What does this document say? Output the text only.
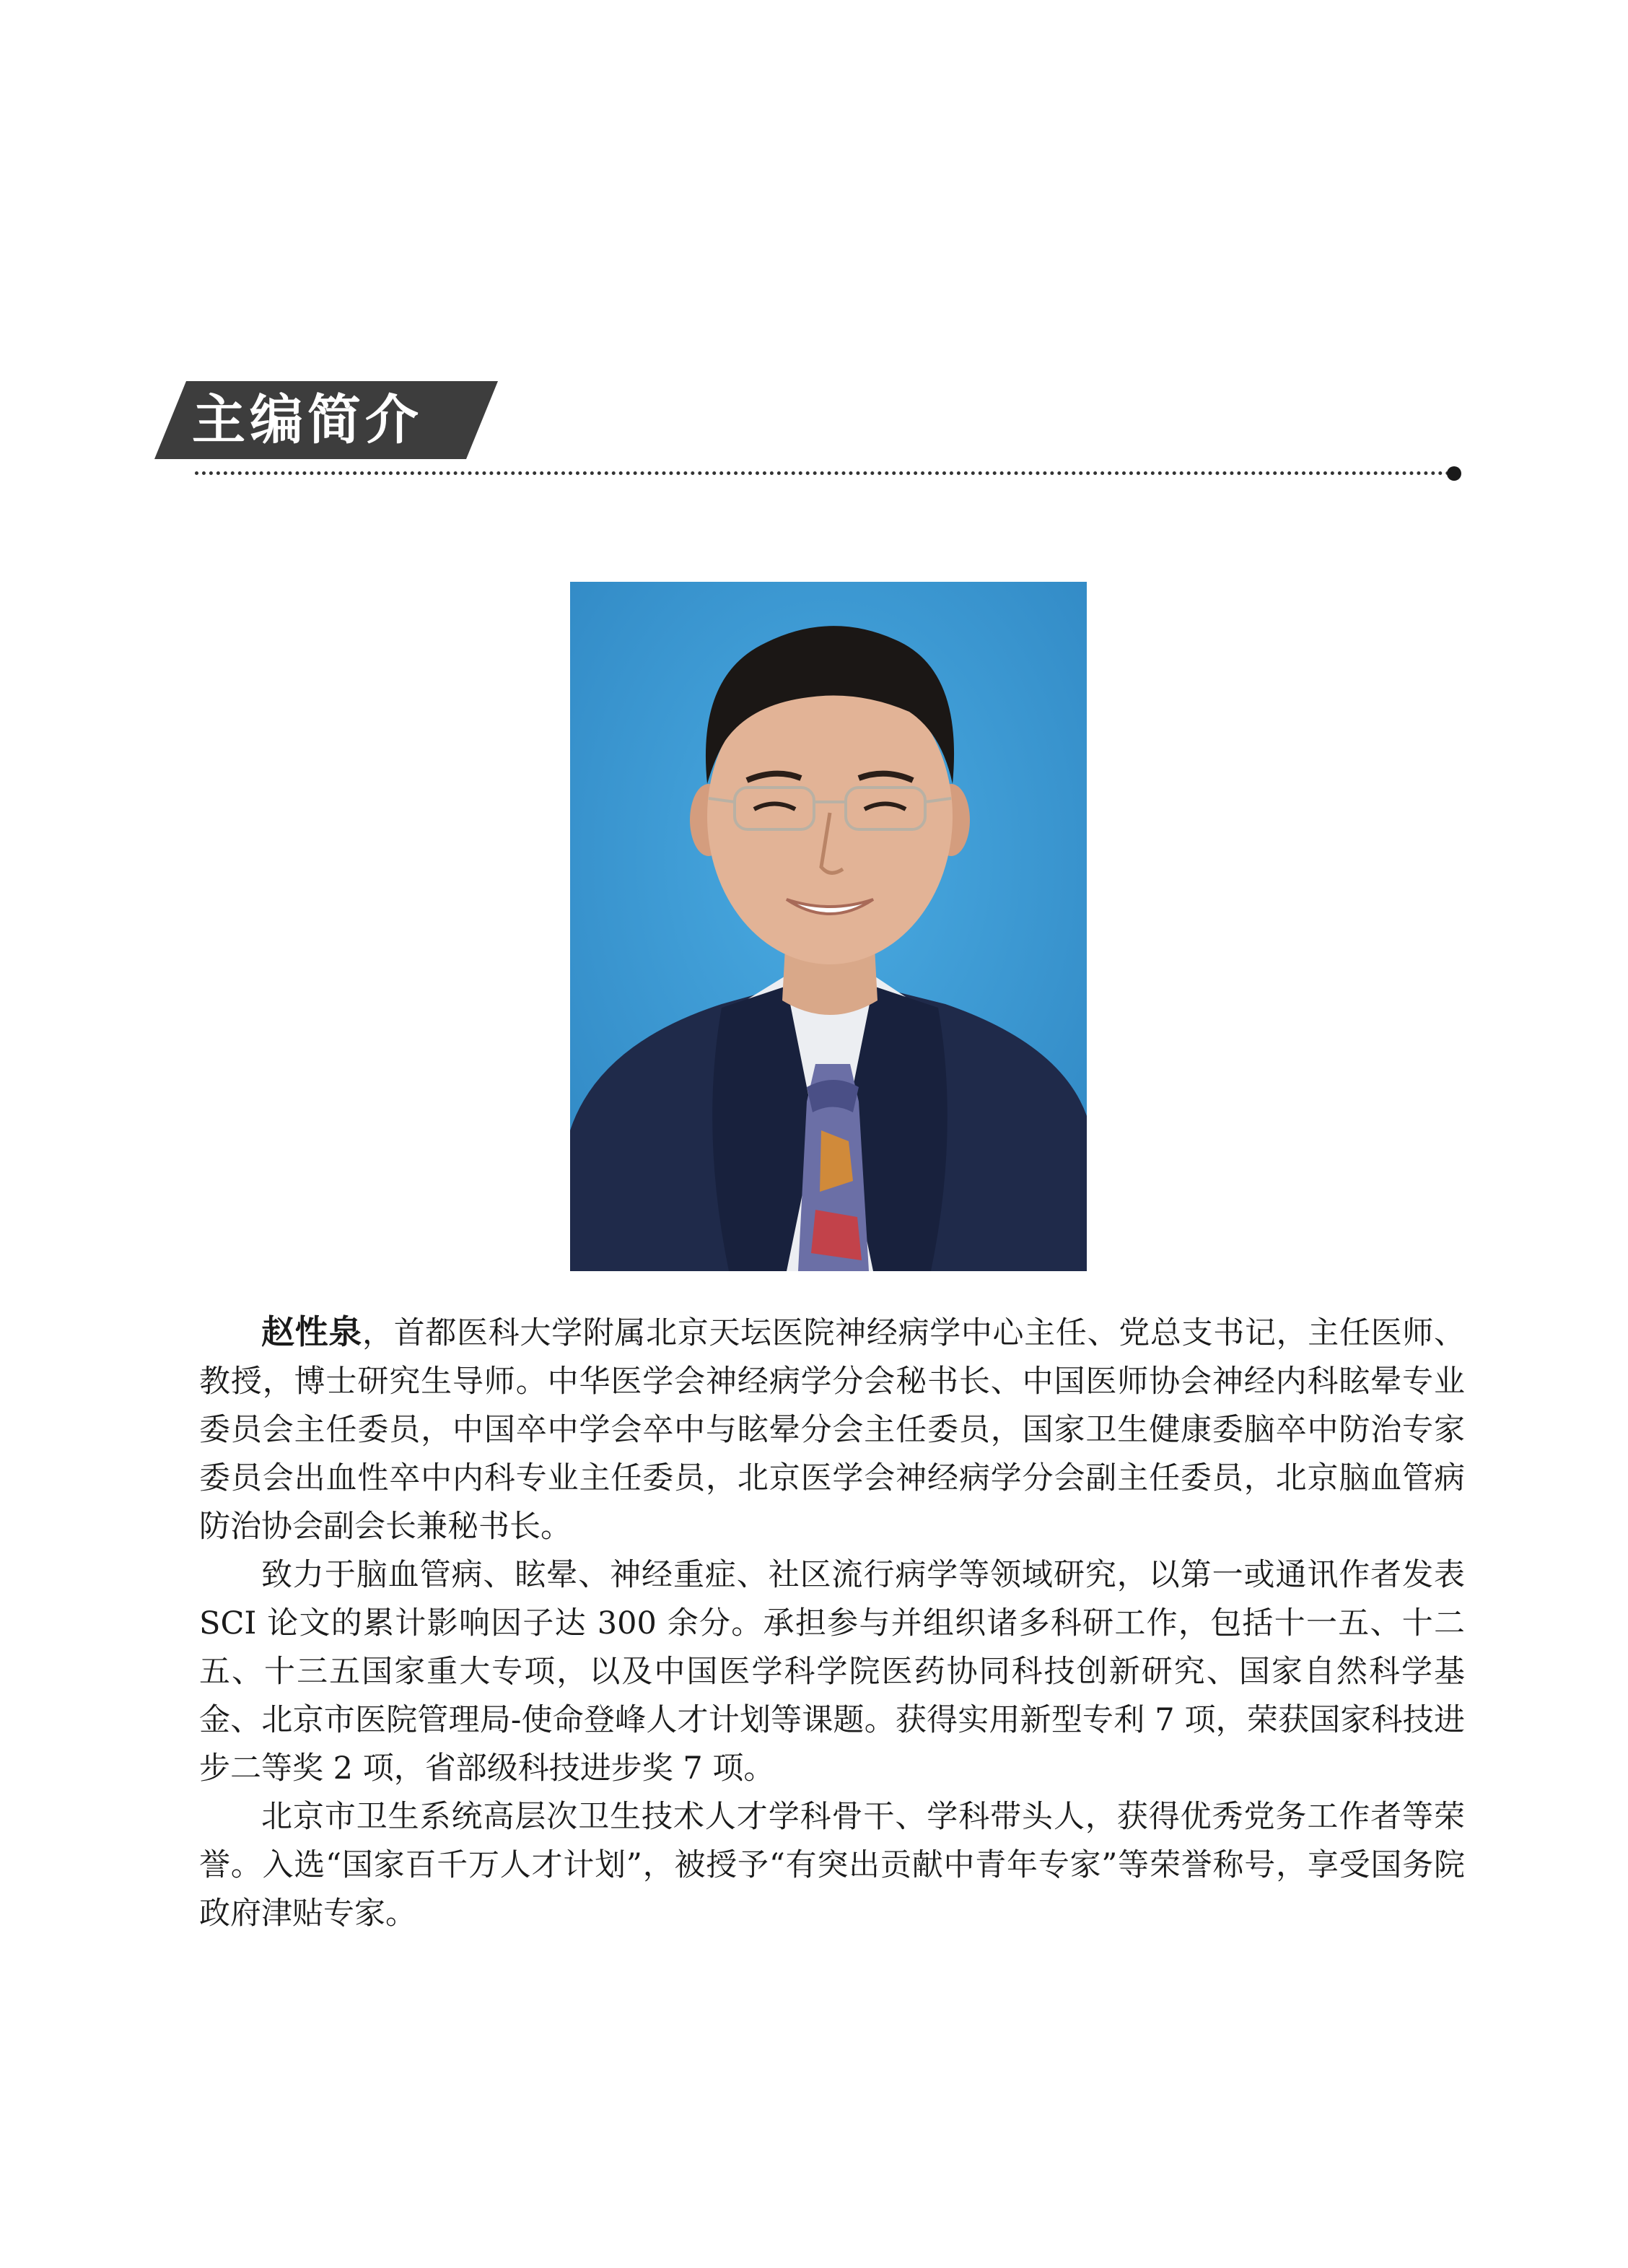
主编简介

赵性泉，首都医科大学附属北京天坛医院神经病学中心主任、党总支书记，主任医师、教授，博士研究生导师。中华医学会神经病学分会秘书长、中国医师协会神经内科眩晕专业委员会主任委员，中国卒中学会卒中与眩晕分会主任委员，国家卫生健康委脑卒中防治专家委员会出血性卒中内科专业主任委员，北京医学会神经病学分会副主任委员，北京脑血管病防治协会副会长兼秘书长。

致力于脑血管病、眩晕、神经重症、社区流行病学等领域研究，以第一或通讯作者发表 SCI 论文的累计影响因子达 300 余分。承担参与并组织诸多科研工作，包括十一五、十二五、十三五国家重大专项，以及中国医学科学院医药协同科技创新研究、国家自然科学基金、北京市医院管理局-使命登峰人才计划等课题。获得实用新型专利 7 项，荣获国家科技进步二等奖 2 项，省部级科技进步奖 7 项。

北京市卫生系统高层次卫生技术人才学科骨干、学科带头人，获得优秀党务工作者等荣誉。入选“国家百千万人才计划”，被授予“有突出贡献中青年专家”等荣誉称号，享受国务院政府津贴专家。
